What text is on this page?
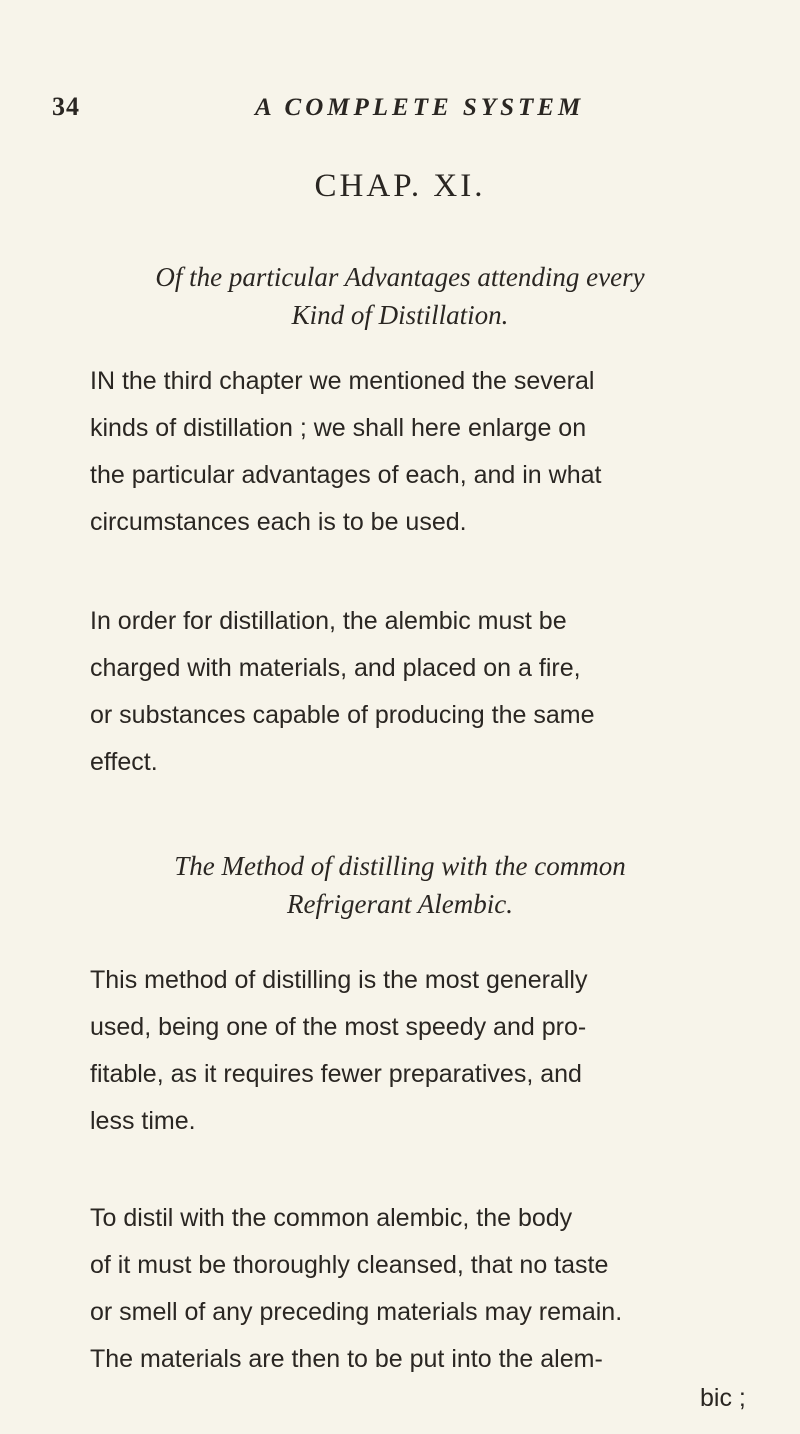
34	A COMPLETE SYSTEM
CHAP. XI.
Of the particular Advantages attending every
Kind of Distillation.
IN the third chapter we mentioned the several
kinds of distillation ; we shall here enlarge on
the particular advantages of each, and in what
circumstances each is to be used.
In order for distillation, the alembic must be
charged with materials, and placed on a fire,
or substances capable of producing the same
effect.
The Method of distilling with the common
Refrigerant Alembic.
This method of distilling is the most generally
used, being one of the most speedy and pro-
fitable, as it requires fewer preparatives, and
less time.
To distil with the common alembic, the body
of it must be thoroughly cleansed, that no taste
or smell of any preceding materials may remain.
The materials are then to be put into the alem-
bic ;
